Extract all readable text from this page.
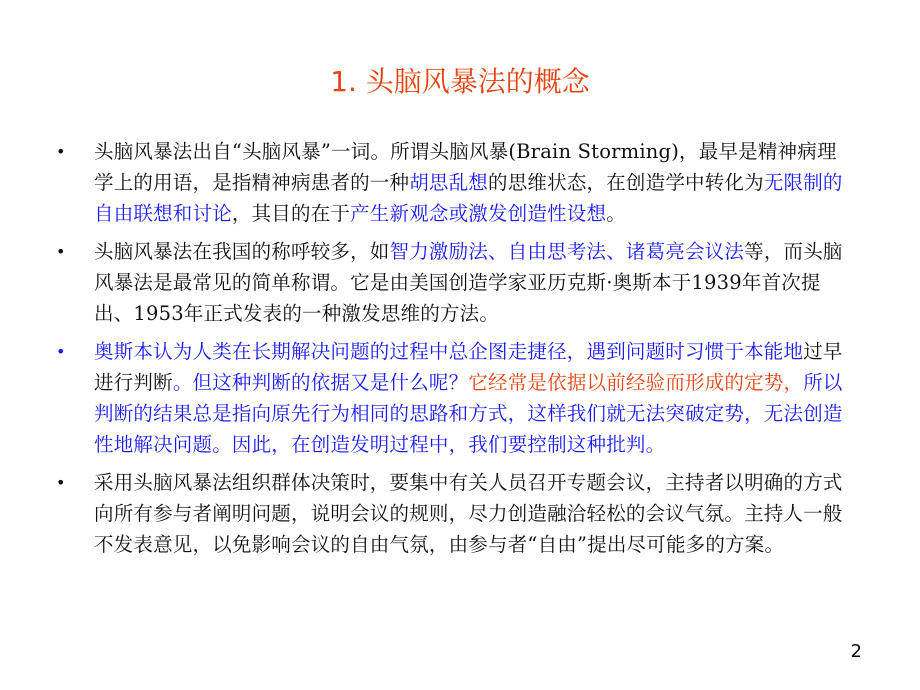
1. 头脑风暴法的概念
•	头脑风暴法出自“头脑风暴”一词。所谓头脑风暴(Brain Storming)，最早是精神病理学上的用语，是指精神病患者的一种胡思乱想的思维状态，在创造学中转化为无限制的自由联想和讨论，其目的在于产生新观念或激发创造性设想。
•	头脑风暴法在我国的称呼较多，如智力激励法、自由思考法、诸葛亮会议法等，而头脑风暴法是最常见的简单称谓。它是由美国创造学家亚历克斯·奥斯本于1939年首次提出、1953年正式发表的一种激发思维的方法。
•	奥斯本认为人类在长期解决问题的过程中总企图走捷径，遇到问题时习惯于本能地过早进行判断。但这种判断的依据又是什么呢？它经常是依据以前经验而形成的定势，所以判断的结果总是指向原先行为相同的思路和方式，这样我们就无法突破定势，无法创造性地解决问题。因此，在创造发明过程中，我们要控制这种批判。
•	采用头脑风暴法组织群体决策时，要集中有关人员召开专题会议，主持者以明确的方式向所有参与者阐明问题，说明会议的规则，尽力创造融洽轻松的会议气氛。主持人一般不发表意见，以免影响会议的自由气氛，由参与者“自由”提出尽可能多的方案。
2
